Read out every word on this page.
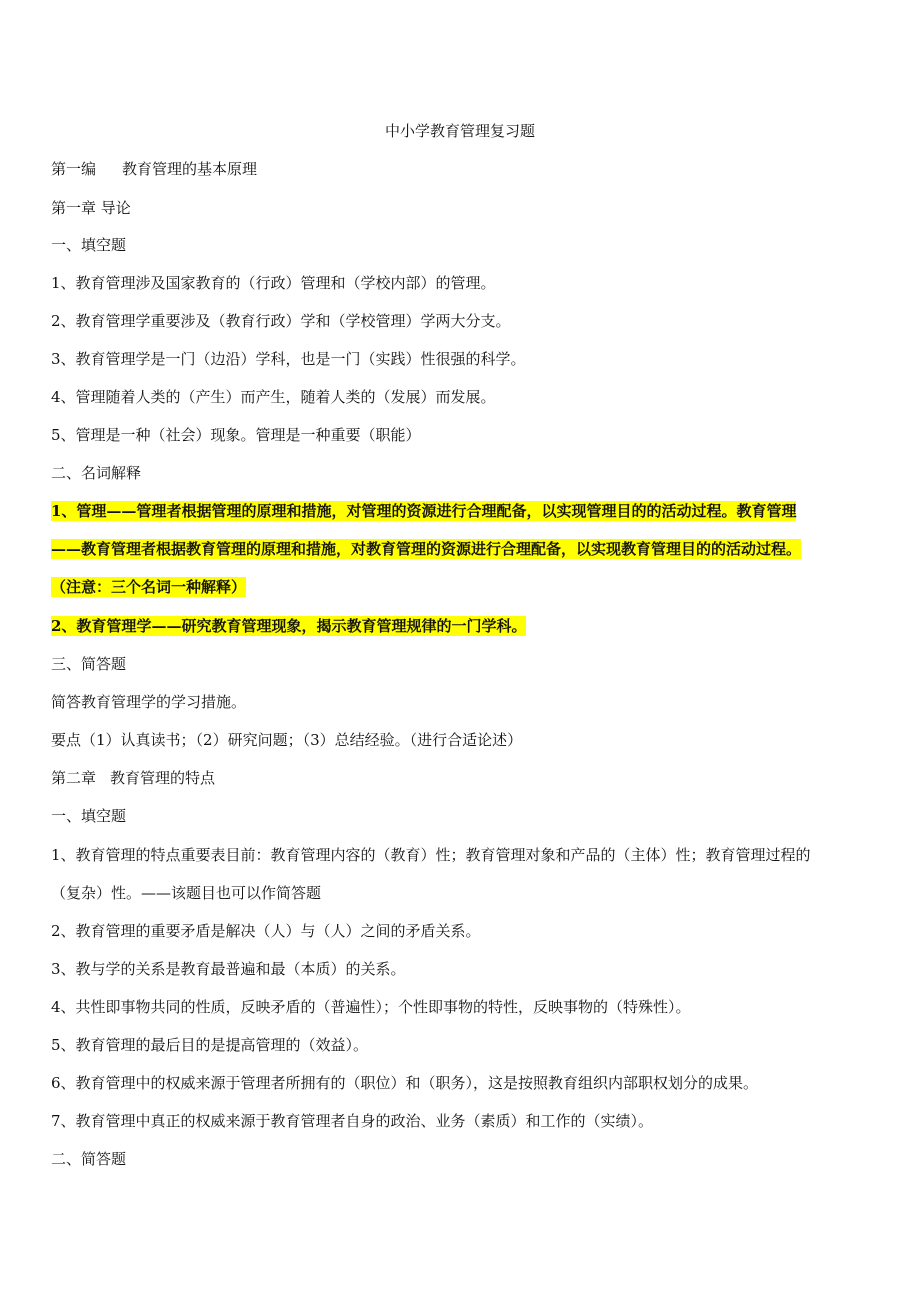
中小学教育管理复习题
第一编 教育管理的基本原理
第一章 导论
一、填空题
1、教育管理涉及国家教育的（行政）管理和（学校内部）的管理。
2、教育管理学重要涉及（教育行政）学和（学校管理）学两大分支。
3、教育管理学是一门（边沿）学科，也是一门（实践）性很强的科学。
4、管理随着人类的（产生）而产生，随着人类的（发展）而发展。
5、管理是一种（社会）现象。管理是一种重要（职能）
二、名词解释
1、管理——管理者根据管理的原理和措施，对管理的资源进行合理配备，以实现管理目的的活动过程。教育管理
——教育管理者根据教育管理的原理和措施，对教育管理的资源进行合理配备，以实现教育管理目的的活动过程。
（注意：三个名词一种解释）
2、教育管理学——研究教育管理现象，揭示教育管理规律的一门学科。
三、简答题
简答教育管理学的学习措施。
要点（1）认真读书；（2）研究问题；（3）总结经验。（进行合适论述）
第二章 教育管理的特点
一、填空题
1、教育管理的特点重要表目前：教育管理内容的（教育）性；教育管理对象和产品的（主体）性；教育管理过程的
（复杂）性。——该题目也可以作简答题
2、教育管理的重要矛盾是解决（人）与（人）之间的矛盾关系。
3、教与学的关系是教育最普遍和最（本质）的关系。
4、共性即事物共同的性质，反映矛盾的（普遍性）；个性即事物的特性，反映事物的（特殊性）。
5、教育管理的最后目的是提高管理的（效益）。
6、教育管理中的权威来源于管理者所拥有的（职位）和（职务），这是按照教育组织内部职权划分的成果。
7、教育管理中真正的权威来源于教育管理者自身的政治、业务（素质）和工作的（实绩）。
二、简答题
